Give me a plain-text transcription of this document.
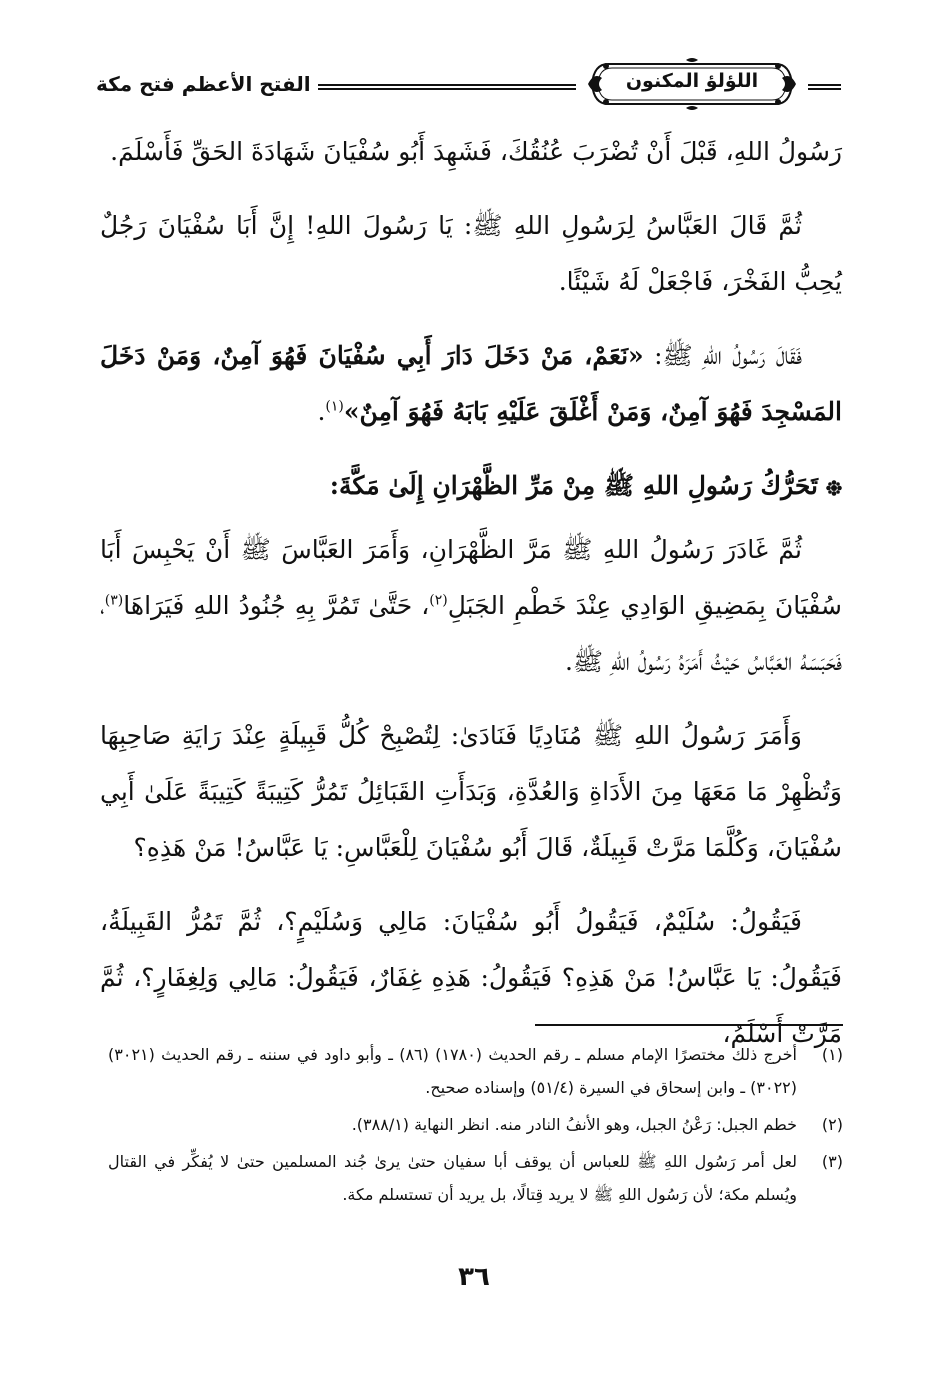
الفتح الأعظم فتح مكة	اللؤلؤ المكنون

رَسُولُ اللهِ، قَبْلَ أَنْ تُضْرَبَ عُنُقُكَ، فَشَهِدَ أَبُو سُفْيَانَ شَهَادَةَ الحَقِّ فَأَسْلَمَ.

ثُمَّ قَالَ العَبَّاسُ لِرَسُولِ اللهِ ﷺ: يَا رَسُولَ اللهِ! إِنَّ أَبَا سُفْيَانَ رَجُلٌ يُحِبُّ الفَخْرَ، فَاجْعَلْ لَهُ شَيْئًا.

فَقَالَ رَسُولُ اللهِ ﷺ: «نَعَمْ، مَنْ دَخَلَ دَارَ أَبِي سُفْيَانَ فَهُوَ آمِنٌ، وَمَنْ دَخَلَ المَسْجِدَ فَهُوَ آمِنٌ، وَمَنْ أَغْلَقَ عَلَيْهِ بَابَهُ فَهُوَ آمِنٌ»$^{(١)}$.

تَحَرُّكُ رَسُولِ اللهِ ﷺ مِنْ مَرِّ الظَّهْرَانِ إِلَىٰ مَكَّةَ:

ثُمَّ غَادَرَ رَسُولُ اللهِ ﷺ مَرَّ الظَّهْرَانِ، وَأَمَرَ العَبَّاسَ ﷺ أَنْ يَحْبِسَ أَبَا سُفْيَانَ بِمَضِيقِ الوَادِي عِنْدَ خَطْمِ الجَبَلِ$^{(٢)}$، حَتَّىٰ تَمُرَّ بِهِ جُنُودُ اللهِ فَيَرَاهَا$^{(٣)}$، فَحَبَسَهُ العَبَّاسُ حَيْثُ أَمَرَهُ رَسُولُ اللهِ ﷺ.

وَأَمَرَ رَسُولُ اللهِ ﷺ مُنَادِيًا فَنَادَىٰ: لِتُصْبِحْ كُلُّ قَبِيلَةٍ عِنْدَ رَايَةِ صَاحِبِهَا وَتُظْهِرْ مَا مَعَهَا مِنَ الأَدَاةِ وَالعُدَّةِ، وَبَدَأَتِ القَبَائِلُ تَمُرُّ كَتِيبَةً كَتِيبَةً عَلَىٰ أَبِي سُفْيَانَ، وَكُلَّمَا مَرَّتْ قَبِيلَةٌ، قَالَ أَبُو سُفْيَانَ لِلْعَبَّاسِ: يَا عَبَّاسُ! مَنْ هَذِهِ؟

فَيَقُولُ: سُلَيْمٌ، فَيَقُولُ أَبُو سُفْيَانَ: مَالِي وَسُلَيْمٍ؟، ثُمَّ تَمُرُّ القَبِيلَةُ، فَيَقُولُ: يَا عَبَّاسُ! مَنْ هَذِهِ؟ فَيَقُولُ: هَذِهِ غِفَارٌ، فَيَقُولُ: مَالِي وَلِغِفَارٍ؟، ثُمَّ مَرَّتْ أَسْلَمُ،

(١)
أخرج ذلك مختصرًا الإمام مسلم ـ رقم الحديث (١٧٨٠) (٨٦) ـ وأبو داود في سننه ـ رقم الحديث (٣٠٢١) (٣٠٢٢) ـ وابن إسحاق في السيرة (٥١/٤) وإسناده صحيح.
(٢)
خطم الجبل: رَعْنُ الجبل، وهو الأنفُ النادر منه. انظر النهاية (٣٨٨/١).
(٣)
لعل أمر رَسُول اللهِ ﷺ للعباس أن يوقف أبا سفيان حتىٰ يرىٰ جُند المسلمين حتىٰ لا يُفكِّر في القتال ويُسلم مكة؛ لأن رَسُول اللهِ ﷺ لا يريد قِتالًا، بل يريد أن تستسلم مكة.
٣٦
